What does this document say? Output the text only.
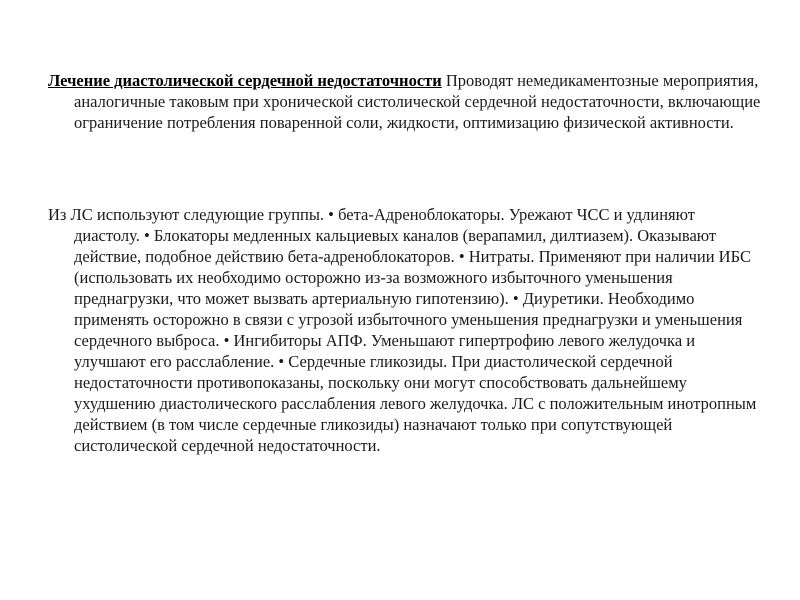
Лечение диастолической сердечной недостаточности Проводят немедикаментозные мероприятия, аналогичные таковым при хронической систолической сердечной недостаточности, включающие ограничение потребления поваренной соли, жидкости, оптимизацию физической активности.

Из ЛС используют следующие группы. • бета-Адреноблокаторы. Урежают ЧСС и удлиняют диастолу. • Блокаторы медленных кальциевых каналов (верапамил, дилтиазем). Оказывают действие, подобное действию бета-адреноблокаторов. • Нитраты. Применяют при наличии ИБС (использовать их необходимо осторожно из-за возможного избыточного уменьшения преднагрузки, что может вызвать артериальную гипотензию). • Диуретики. Необходимо применять осторожно в связи с угрозой избыточного уменьшения преднагрузки и уменьшения сердечного выброса. • Ингибиторы АПФ. Уменьшают гипертрофию левого желудочка и улучшают его расслабление. • Сердечные гликозиды. При диастолической сердечной недостаточности противопоказаны, поскольку они могут способствовать дальнейшему ухудшению диастолического расслабления левого желудочка. ЛС с положительным инотропным действием (в том числе сердечные гликозиды) назначают только при сопутствующей систолической сердечной недостаточности.
